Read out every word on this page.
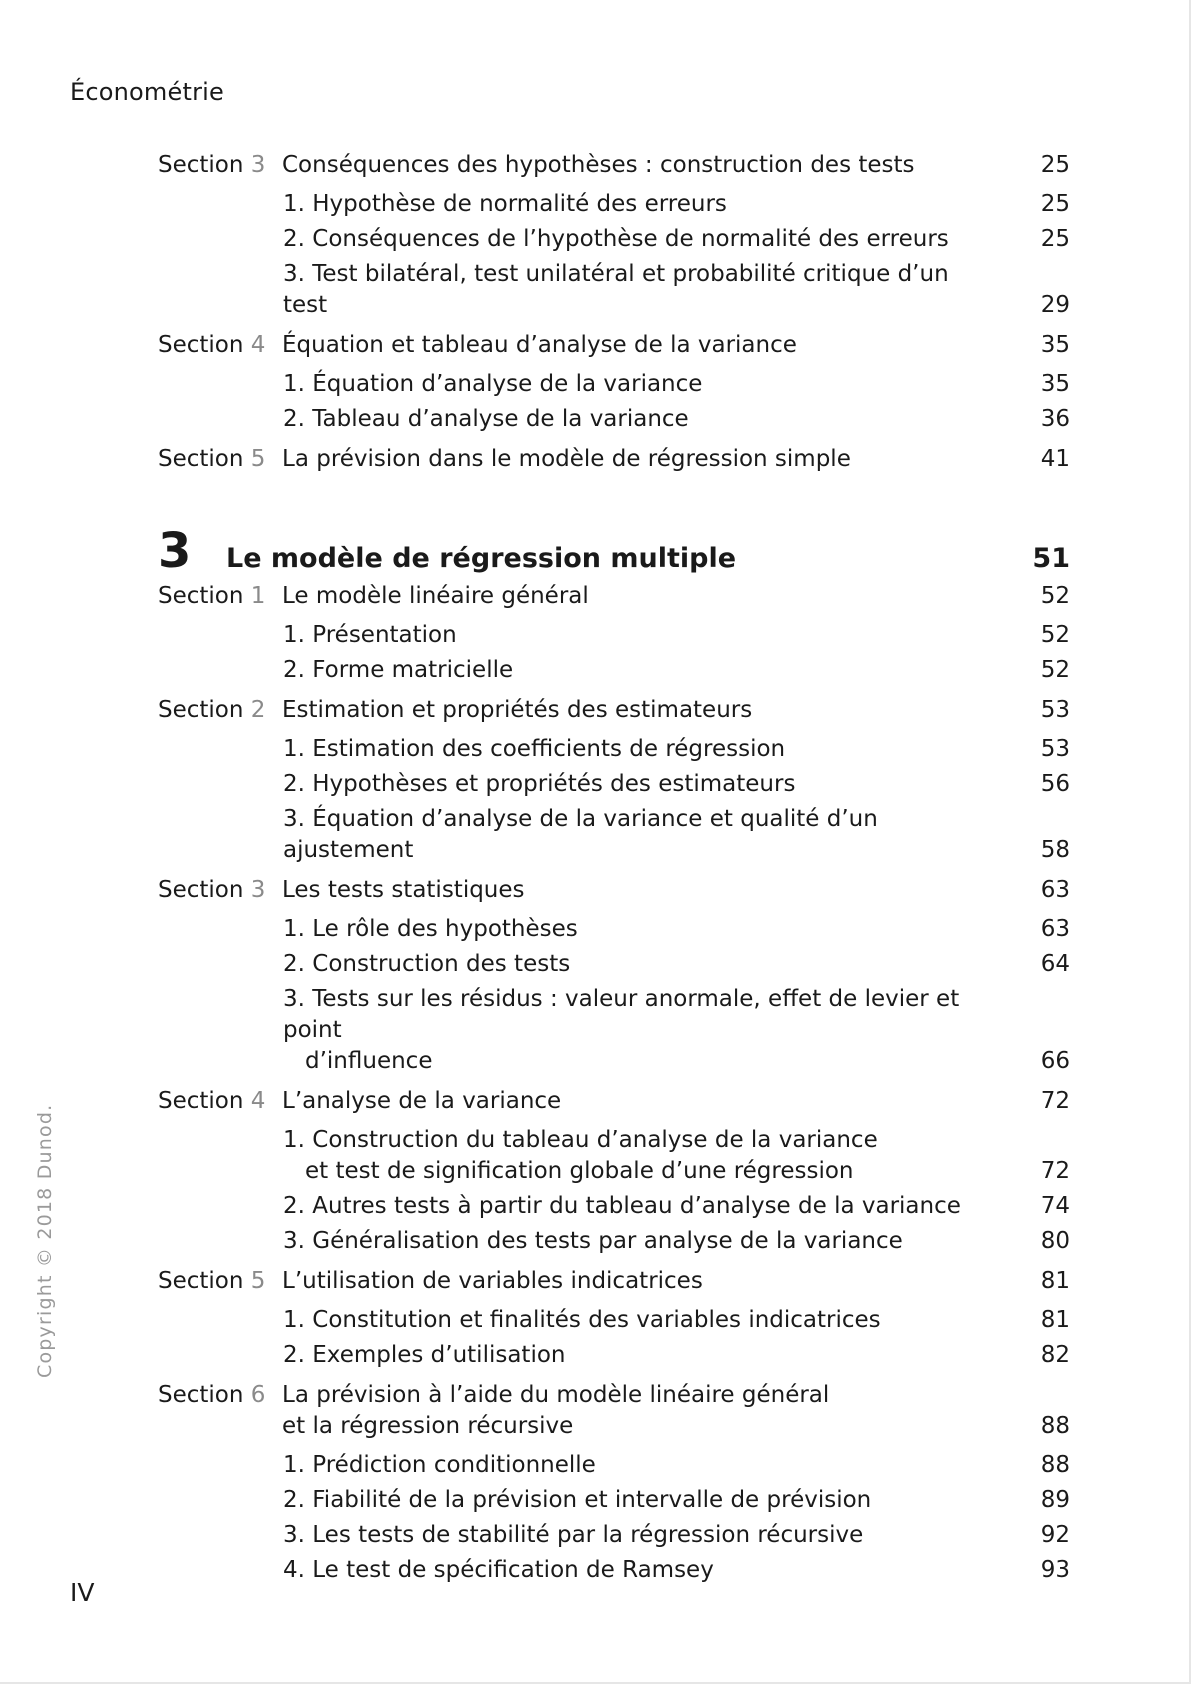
Économétrie
Copyright © 2018 Dunod.
Section 3 Conséquences des hypothèses : construction des tests	25
1. Hypothèse de normalité des erreurs	25
2. Conséquences de l’hypothèse de normalité des erreurs	25
3. Test bilatéral, test unilatéral et probabilité critique d’un test	29
Section 4 Équation et tableau d’analyse de la variance	35
1. Équation d’analyse de la variance	35
2. Tableau d’analyse de la variance	36
Section 5 La prévision dans le modèle de régression simple	41
3	Le modèle de régression multiple	51
Section 1 Le modèle linéaire général	52
1. Présentation	52
2. Forme matricielle	52
Section 2 Estimation et propriétés des estimateurs	53
1. Estimation des coefficients de régression	53
2. Hypothèses et propriétés des estimateurs	56
3. Équation d’analyse de la variance et qualité d’un ajustement	58
Section 3 Les tests statistiques	63
1. Le rôle des hypothèses	63
2. Construction des tests	64
3. Tests sur les résidus : valeur anormale, effet de levier et point
d’influence	66
Section 4 L’analyse de la variance	72
1. Construction du tableau d’analyse de la variance
et test de signification globale d’une régression	72
2. Autres tests à partir du tableau d’analyse de la variance	74
3. Généralisation des tests par analyse de la variance	80
Section 5 L’utilisation de variables indicatrices	81
1. Constitution et finalités des variables indicatrices	81
2. Exemples d’utilisation	82
Section 6 La prévision à l’aide du modèle linéaire général
et la régression récursive	88
1. Prédiction conditionnelle	88
2. Fiabilité de la prévision et intervalle de prévision	89
3. Les tests de stabilité par la régression récursive	92
4. Le test de spécification de Ramsey	93
IV
